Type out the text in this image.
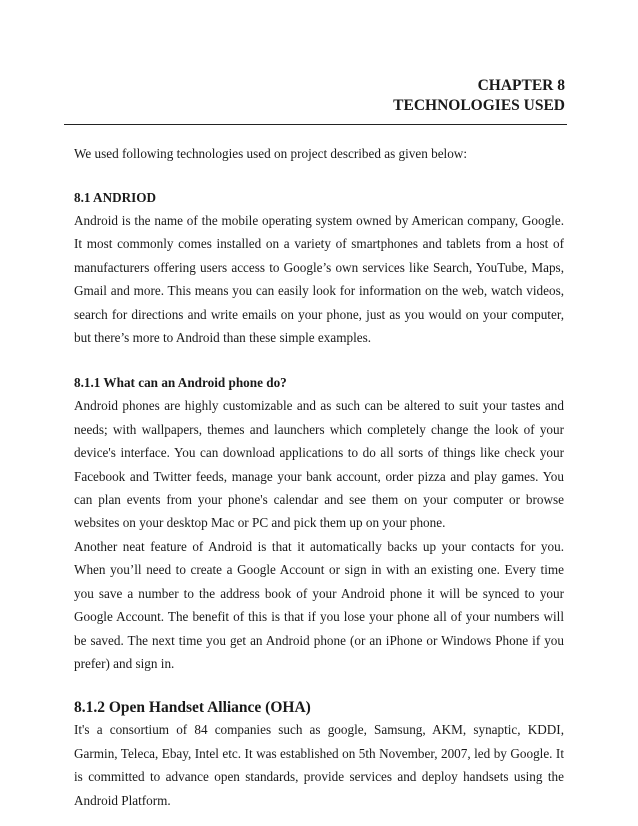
CHAPTER 8
TECHNOLOGIES USED

We used following technologies used on project described as given below:

8.1 ANDRIOD

Android is the name of the mobile operating system owned by American company, Google. It most commonly comes installed on a variety of smartphones and tablets from a host of manufacturers offering users access to Google’s own services like Search, YouTube, Maps, Gmail and more. This means you can easily look for information on the web, watch videos, search for directions and write emails on your phone, just as you would on your computer, but there’s more to Android than these simple examples.

8.1.1 What can an Android phone do?

Android phones are highly customizable and as such can be altered to suit your tastes and needs; with wallpapers, themes and launchers which completely change the look of your device's interface. You can download applications to do all sorts of things like check your Facebook and Twitter feeds, manage your bank account, order pizza and play games. You can plan events from your phone's calendar and see them on your computer or browse websites on your desktop Mac or PC and pick them up on your phone.

Another neat feature of Android is that it automatically backs up your contacts for you. When you’ll need to create a Google Account or sign in with an existing one. Every time you save a number to the address book of your Android phone it will be synced to your Google Account. The benefit of this is that if you lose your phone all of your numbers will be saved. The next time you get an Android phone (or an iPhone or Windows Phone if you prefer) and sign in.

8.1.2 Open Handset Alliance (OHA)

It's a consortium of 84 companies such as google, Samsung, AKM, synaptic, KDDI, Garmin, Teleca, Ebay, Intel etc. It was established on 5th November, 2007, led by Google. It is committed to advance open standards, provide services and deploy handsets using the Android Platform.
